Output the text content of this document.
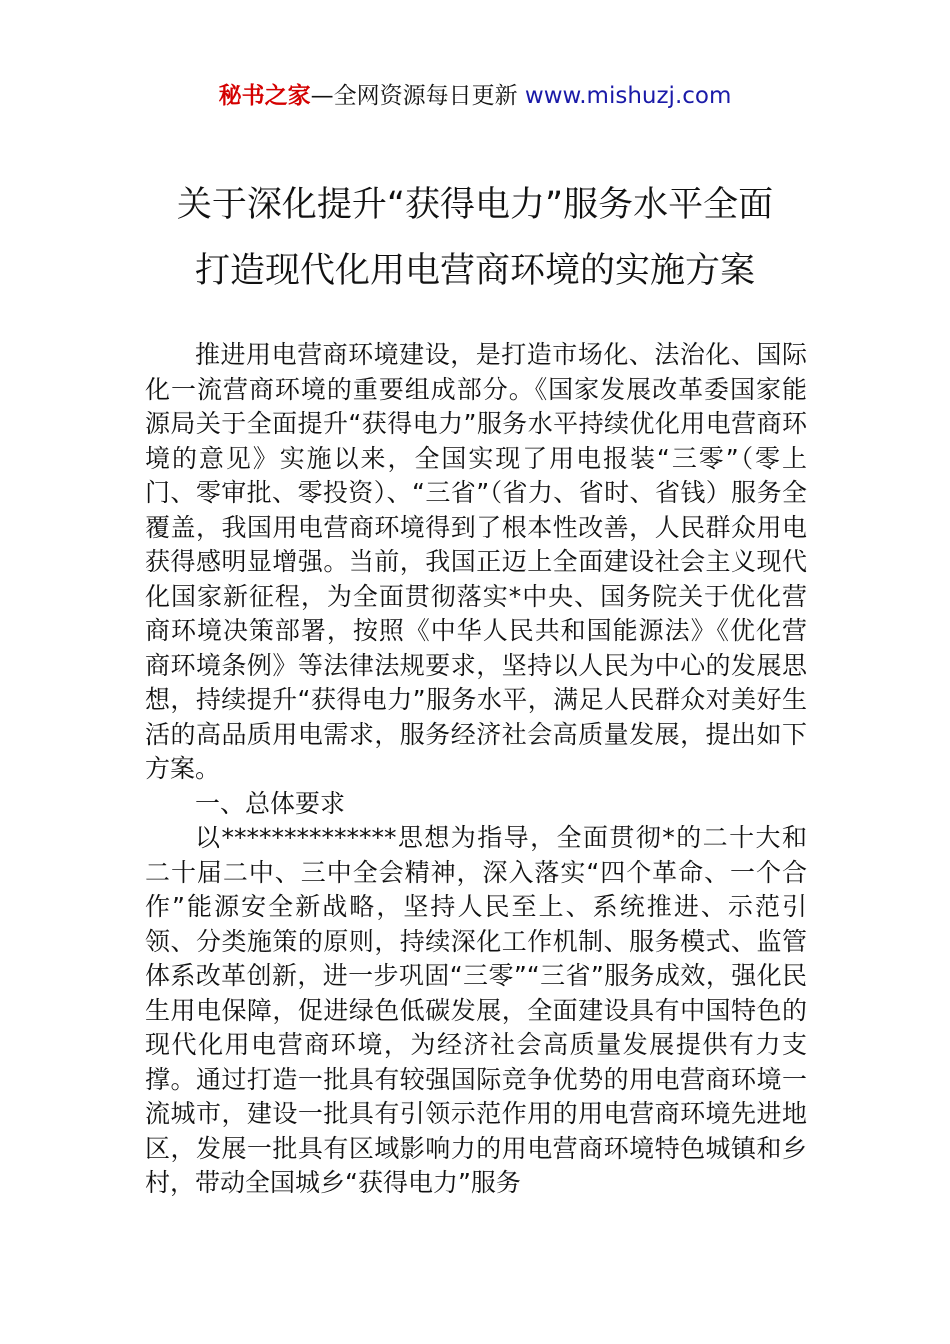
秘书之家—全网资源每日更新 www.mishuzj.com
关于深化提升“获得电力”服务水平全面
打造现代化用电营商环境的实施方案

推进用电营商环境建设，是打造市场化、法治化、国际化一流营商环境的重要组成部分。《国家发展改革委国家能源局关于全面提升“获得电力”服务水平持续优化用电营商环境的意见》实施以来，全国实现了用电报装“三零”（零上门、零审批、零投资）、“三省”（省力、省时、省钱）服务全覆盖，我国用电营商环境得到了根本性改善，人民群众用电获得感明显增强。当前，我国正迈上全面建设社会主义现代化国家新征程，为全面贯彻落实*中央、国务院关于优化营商环境决策部署，按照《中华人民共和国能源法》《优化营商环境条例》等法律法规要求，坚持以人民为中心的发展思想，持续提升“获得电力”服务水平，满足人民群众对美好生活的高品质用电需求，服务经济社会高质量发展，提出如下方案。

一、总体要求

以**************思想为指导，全面贯彻*的二十大和二十届二中、三中全会精神，深入落实“四个革命、一个合作”能源安全新战略，坚持人民至上、系统推进、示范引领、分类施策的原则，持续深化工作机制、服务模式、监管体系改革创新，进一步巩固“三零”“三省”服务成效，强化民生用电保障，促进绿色低碳发展，全面建设具有中国特色的现代化用电营商环境，为经济社会高质量发展提供有力支撑。通过打造一批具有较强国际竞争优势的用电营商环境一流城市，建设一批具有引领示范作用的用电营商环境先进地区，发展一批具有区域影响力的用电营商环境特色城镇和乡村，带动全国城乡“获得电力”服务
